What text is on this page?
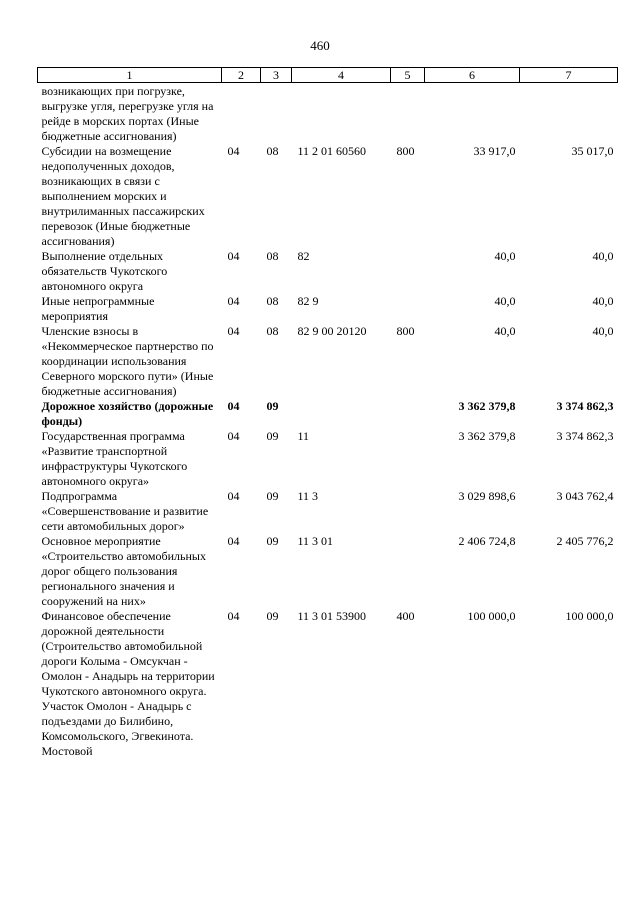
460
1	2	3	4	5	6	7
возникающих при погрузке, выгрузке угля, перегрузке угля на рейде в морских портах (Иные бюджетные ассигнования)						
Субсидии на возмещение недополученных доходов, возникающих в связи с выполнением морских и внутрилиманных пассажирских перевозок (Иные бюджетные ассигнования)	04	08	11 2 01 60560	800	33 917,0	35 017,0
Выполнение отдельных обязательств Чукотского автономного округа	04	08	82		40,0	40,0
Иные непрограммные мероприятия	04	08	82 9		40,0	40,0
Членские взносы в «Некоммерческое партнерство по координации использования Северного морского пути» (Иные бюджетные ассигнования)	04	08	82 9 00 20120	800	40,0	40,0
Дорожное хозяйство (дорожные фонды)	04	09			3 362 379,8	3 374 862,3
Государственная программа «Развитие транспортной инфраструктуры Чукотского автономного округа»	04	09	11		3 362 379,8	3 374 862,3
Подпрограмма «Совершенствование и развитие сети автомобильных дорог»	04	09	11 3		3 029 898,6	3 043 762,4
Основное мероприятие «Строительство автомобильных дорог общего пользования регионального значения и сооружений на них»	04	09	11 3 01		2 406 724,8	2 405 776,2
Финансовое обеспечение дорожной деятельности (Строительство автомобильной дороги Колыма - Омсукчан - Омолон - Анадырь на территории Чукотского автономного округа. Участок Омолон - Анадырь с подъездами до Билибино, Комсомольского, Эгвекинота. Мостовой	04	09	11 3 01 53900	400	100 000,0	100 000,0
